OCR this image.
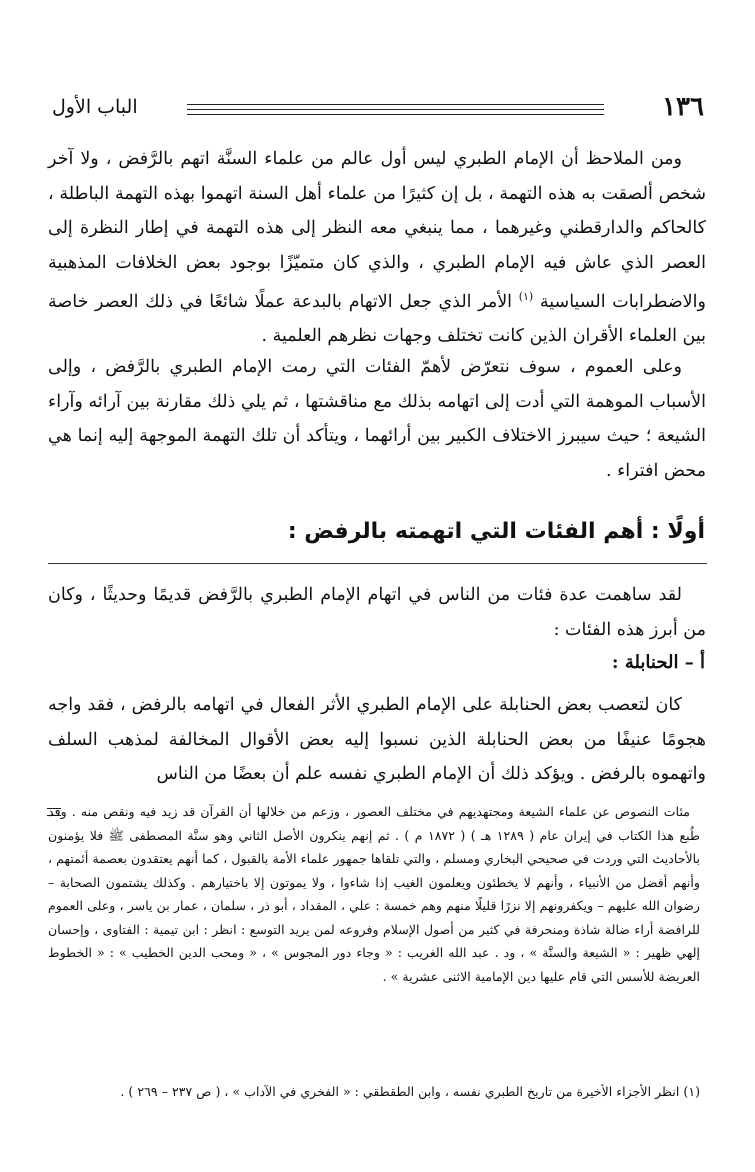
١٣٦
الباب الأول
ومن الملاحظ أن الإمام الطبري ليس أول عالم من علماء السنَّة اتهم بالرَّفض ، ولا آخر شخص ألصقت به هذه التهمة ، بل إن كثيرًا من علماء أهل السنة اتهموا بهذه التهمة الباطلة ، كالحاكم والدارقطني وغيرهما ، مما ينبغي معه النظر إلى هذه التهمة في إطار النظرة إلى العصر الذي عاش فيه الإمام الطبري ، والذي كان متميّزًا بوجود بعض الخلافات المذهبية والاضطرابات السياسية $^{(١)}$ الأمر الذي جعل الاتهام بالبدعة عملًا شائعًا في ذلك العصر خاصة بين العلماء الأقران الذين كانت تختلف وجهات نظرهم العلمية .
وعلى العموم ، سوف نتعرّض لأهمّ الفئات التي رمت الإمام الطبري بالرَّفض ، وإلى الأسباب الموهمة التي أدت إلى اتهامه بذلك مع مناقشتها ، ثم يلي ذلك مقارنة بين آرائه وآراء الشيعة ؛ حيث سيبرز الاختلاف الكبير بين أرائهما ، ويتأكد أن تلك التهمة الموجهة إليه إنما هي محض افتراء .
أولًا : أهم الفئات التي اتهمته بالرفض :
لقد ساهمت عدة فئات من الناس في اتهام الإمام الطبري بالرَّفض قديمًا وحديثًا ، وكان من أبرز هذه الفئات :
أ – الحنابلة :
كان لتعصب بعض الحنابلة على الإمام الطبري الأثر الفعال في اتهامه بالرفض ، فقد واجه هجومًا عنيفًا من بعض الحنابلة الذين نسبوا إليه بعض الأقوال المخالفة لمذهب السلف واتهموه بالرفض . ويؤكد ذلك أن الإمام الطبري نفسه علم أن بعضًا من الناس
مئات النصوص عن علماء الشيعة ومجتهديهم في مختلف العصور ، وزعم من خلالها أن القرآن قد زيد فيه ونقص منه . وقد طُبع هذا الكتاب في إيران عام ( ١٢٨٩ هـ ) ( ١٨٧٢ م ) . ثم إنهم ينكرون الأصل الثاني وهو سنَّة المصطفى ﷺ فلا يؤمنون بالأحاديث التي وردت في صحيحي البخاري ومسلم ، والتي تلقاها جمهور علماء الأمة بالقبول ، كما أنهم يعتقدون بعصمة أئمتهم ، وأنهم أفضل من الأنبياء ، وأنهم لا يخطئون ويعلمون الغيب إذا شاءوا ، ولا يموتون إلا باختيارهم . وكذلك يشتمون الصحابة – رضوان الله عليهم – ويكفرونهم إلا نزرًا قليلًا منهم وهم خمسة : علي ، المقداد ، أبو ذر ، سلمان ، عمار بن ياسر ، وعلى العموم للرافضة أراء ضالة شاذة ومنحرفة في كثير من أصول الإسلام وفروعه لمن يريد التوسع : انظر : ابن تيمية : الفتاوى ، وإحسان إلهي ظهير : « الشيعة والسنَّة » ، ود . عبد الله الغريب : « وجاء دور المجوس » ، « ومحب الدين الخطيب » : « الخطوط العريضة للأسس التي قام عليها دين الإمامية الاثنى عشرية » .
(١) انظر الأجزاء الأخيرة من تاريخ الطبري نفسه ، وابن الطقطقي : « الفخري في الآداب » ، ( ص ٢٣٧ – ٢٦٩ ) .
